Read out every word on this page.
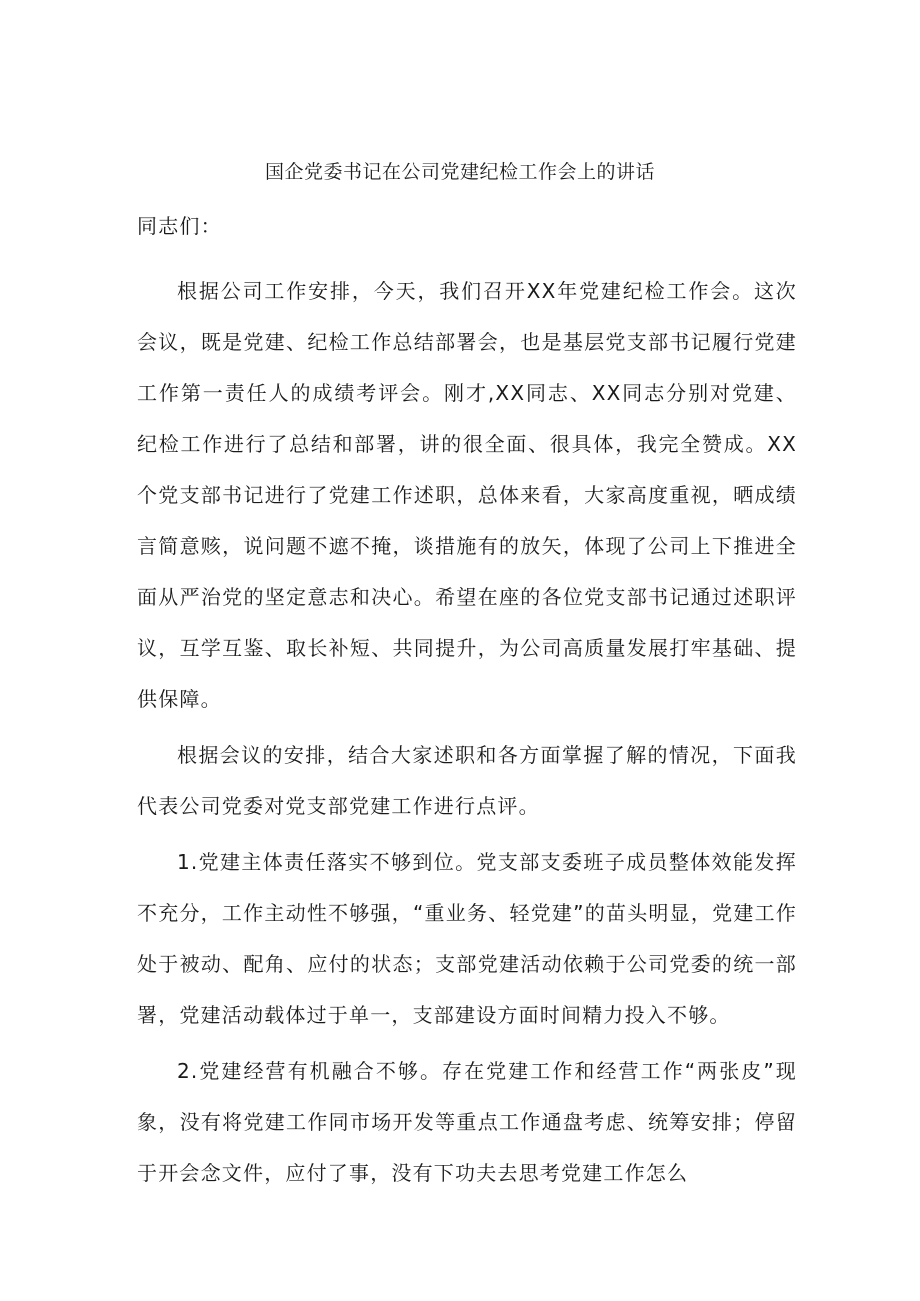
国企党委书记在公司党建纪检工作会上的讲话
同志们：

根据公司工作安排，今天，我们召开XX年党建纪检工作会。这次会议，既是党建、纪检工作总结部署会，也是基层党支部书记履行党建工作第一责任人的成绩考评会。刚才,XX同志、XX同志分别对党建、纪检工作进行了总结和部署，讲的很全面、很具体，我完全赞成。XX个党支部书记进行了党建工作述职，总体来看，大家高度重视，晒成绩言简意赅，说问题不遮不掩，谈措施有的放矢，体现了公司上下推进全面从严治党的坚定意志和决心。希望在座的各位党支部书记通过述职评议，互学互鉴、取长补短、共同提升，为公司高质量发展打牢基础、提供保障。

根据会议的安排，结合大家述职和各方面掌握了解的情况，下面我代表公司党委对党支部党建工作进行点评。

1.党建主体责任落实不够到位。党支部支委班子成员整体效能发挥不充分，工作主动性不够强，“重业务、轻党建”的苗头明显，党建工作处于被动、配角、应付的状态；支部党建活动依赖于公司党委的统一部署，党建活动载体过于单一，支部建设方面时间精力投入不够。

2.党建经营有机融合不够。存在党建工作和经营工作“两张皮”现象，没有将党建工作同市场开发等重点工作通盘考虑、统筹安排；停留于开会念文件，应付了事，没有下功夫去思考党建工作怎么
